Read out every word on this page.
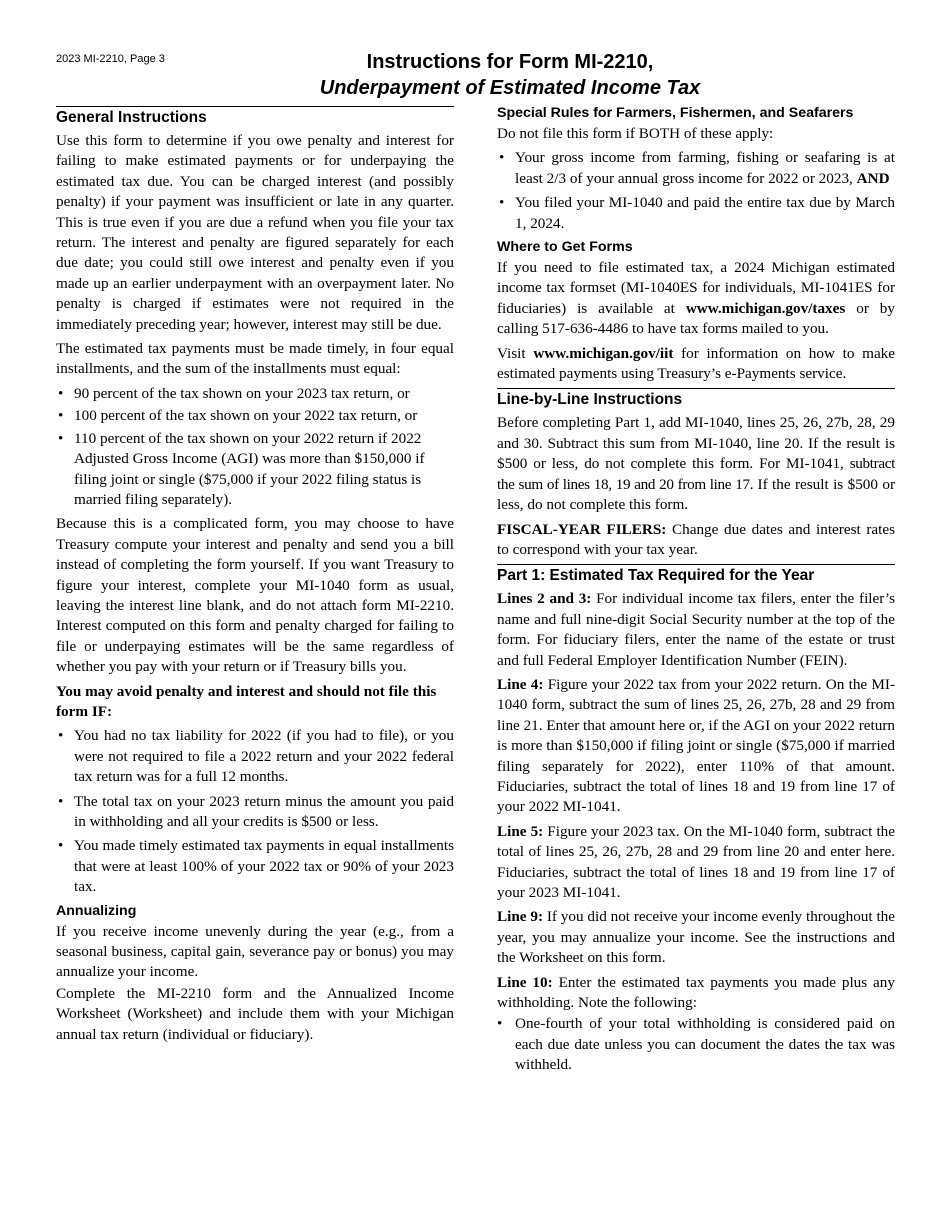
2023 MI-2210, Page 3	Instructions for Form MI-2210,
Underpayment of Estimated Income Tax
General Instructions

Use this form to determine if you owe penalty and interest for failing to make estimated payments or for underpaying the estimated tax due. You can be charged interest (and possibly penalty) if your payment was insufficient or late in any quarter. This is true even if you are due a refund when you file your tax return. The interest and penalty are figured separately for each due date; you could still owe interest and penalty even if you made up an earlier underpayment with an overpayment later. No penalty is charged if estimates were not required in the immediately preceding year; however, interest may still be due.

The estimated tax payments must be made timely, in four equal installments, and the sum of the installments must equal:

• 90 percent of the tax shown on your 2023 tax return, or
• 100 percent of the tax shown on your 2022 tax return, or
• 110 percent of the tax shown on your 2022 return if 2022 Adjusted Gross Income (AGI) was more than $150,000 if filing joint or single ($75,000 if your 2022 filing status is married filing separately).

Because this is a complicated form, you may choose to have Treasury compute your interest and penalty and send you a bill instead of completing the form yourself. If you want Treasury to figure your interest, complete your MI-1040 form as usual, leaving the interest line blank, and do not attach form MI-2210. Interest computed on this form and penalty charged for failing to file or underpaying estimates will be the same regardless of whether you pay with your return or if Treasury bills you.

You may avoid penalty and interest and should not file this form IF:

• You had no tax liability for 2022 (if you had to file), or you were not required to file a 2022 return and your 2022 federal tax return was for a full 12 months.
• The total tax on your 2023 return minus the amount you paid in withholding and all your credits is $500 or less.
• You made timely estimated tax payments in equal installments that were at least 100% of your 2022 tax or 90% of your 2023 tax.
Annualizing

If you receive income unevenly during the year (e.g., from a seasonal business, capital gain, severance pay or bonus) you may annualize your income.

Complete the MI-2210 form and the Annualized Income Worksheet (Worksheet) and include them with your Michigan annual tax return (individual or fiduciary).

Special Rules for Farmers, Fishermen, and Seafarers

Do not file this form if BOTH of these apply:

• Your gross income from farming, fishing or seafaring is at least 2/3 of your annual gross income for 2022 or 2023, AND
• You filed your MI-1040 and paid the entire tax due by March 1, 2024.
Where to Get Forms

If you need to file estimated tax, a 2024 Michigan estimated income tax formset (MI-1040ES for individuals, MI-1041ES for fiduciaries) is available at www.michigan.gov/taxes or by calling 517-636-4486 to have tax forms mailed to you.

Visit www.michigan.gov/iit for information on how to make estimated payments using Treasury’s e-Payments service.

Line-by-Line Instructions

Before completing Part 1, add MI-1040, lines 25, 26, 27b, 28, 29 and 30. Subtract this sum from MI-1040, line 20. If the result is $500 or less, do not complete this form. For MI-1041, subtract the sum of lines 18, 19 and 20 from line 17. If the result is $500 or less, do not complete this form.

FISCAL-YEAR FILERS: Change due dates and interest rates to correspond with your tax year.

Part 1: Estimated Tax Required for the Year

Lines 2 and 3: For individual income tax filers, enter the filer’s name and full nine-digit Social Security number at the top of the form. For fiduciary filers, enter the name of the estate or trust and full Federal Employer Identification Number (FEIN).

Line 4: Figure your 2022 tax from your 2022 return. On the MI-1040 form, subtract the sum of lines 25, 26, 27b, 28 and 29 from line 21. Enter that amount here or, if the AGI on your 2022 return is more than $150,000 if filing joint or single ($75,000 if married filing separately for 2022), enter 110% of that amount. Fiduciaries, subtract the total of lines 18 and 19 from line 17 of your 2022 MI-1041.

Line 5: Figure your 2023 tax. On the MI-1040 form, subtract the total of lines 25, 26, 27b, 28 and 29 from line 20 and enter here. Fiduciaries, subtract the total of lines 18 and 19 from line 17 of your 2023 MI-1041.

Line 9: If you did not receive your income evenly throughout the year, you may annualize your income. See the instructions and the Worksheet on this form.

Line 10: Enter the estimated tax payments you made plus any withholding. Note the following:

• One-fourth of your total withholding is considered paid on each due date unless you can document the dates the tax was withheld.
